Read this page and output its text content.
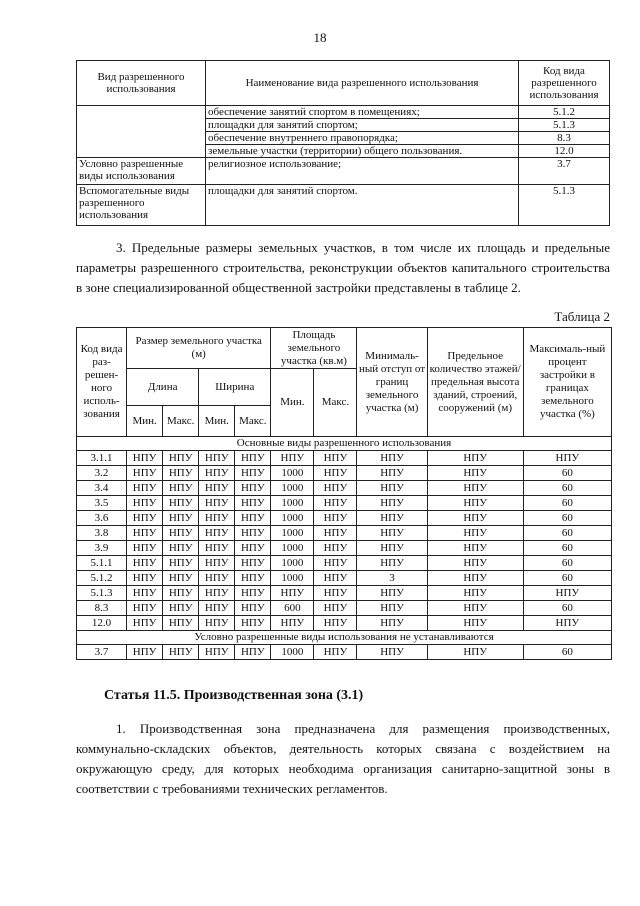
18
Вид разрешенного использования	Наименование вида разрешенного использования	Код вида разрешенного использования
	обеспечение занятий спортом в помещениях;	5.1.2
	площадки для занятий спортом;	5.1.3
	обеспечение внутреннего правопорядка;	8.3
	земельные участки (территории) общего пользования.	12.0
Условно разрешенные виды использования	религиозное использование;	3.7
Вспомогательные виды разрешенного использования	площадки для занятий спортом.	5.1.3
3. Предельные размеры земельных участков, в том числе их площадь и предельные параметры разрешенного строительства, реконструкции объектов капитального строительства в зоне специализированной общественной застройки представлены в таблице 2.
Таблица 2
Код вида раз-решен-ного исполь-зования	Размер земельного участка (м)				Площадь земельного участка (кв.м)		Минималь-ный отступ от границ земельного участка (м)	Предельное количество этажей/ предельная высота зданий, строений, сооружений (м)	Максималь-ный процент застройки в границах земельного участка (%)
	Длина		Ширина		Мин.	Макс.			
	Мин.	Макс.	Мин.	Макс.					
Основные виды разрешенного использования									
3.1.1	НПУ	НПУ	НПУ	НПУ	НПУ	НПУ	НПУ	НПУ	НПУ
3.2	НПУ	НПУ	НПУ	НПУ	1000	НПУ	НПУ	НПУ	60
3.4	НПУ	НПУ	НПУ	НПУ	1000	НПУ	НПУ	НПУ	60
3.5	НПУ	НПУ	НПУ	НПУ	1000	НПУ	НПУ	НПУ	60
3.6	НПУ	НПУ	НПУ	НПУ	1000	НПУ	НПУ	НПУ	60
3.8	НПУ	НПУ	НПУ	НПУ	1000	НПУ	НПУ	НПУ	60
3.9	НПУ	НПУ	НПУ	НПУ	1000	НПУ	НПУ	НПУ	60
5.1.1	НПУ	НПУ	НПУ	НПУ	1000	НПУ	НПУ	НПУ	60
5.1.2	НПУ	НПУ	НПУ	НПУ	1000	НПУ	3	НПУ	60
5.1.3	НПУ	НПУ	НПУ	НПУ	НПУ	НПУ	НПУ	НПУ	НПУ
8.3	НПУ	НПУ	НПУ	НПУ	600	НПУ	НПУ	НПУ	60
12.0	НПУ	НПУ	НПУ	НПУ	НПУ	НПУ	НПУ	НПУ	НПУ
Условно разрешенные виды использования не устанавливаются									
3.7	НПУ	НПУ	НПУ	НПУ	1000	НПУ	НПУ	НПУ	60
Статья 11.5. Производственная зона (3.1)
1. Производственная зона предназначена для размещения производственных, коммунально-складских объектов, деятельность которых связана с воздействием на окружающую среду, для которых необходима организация санитарно-защитной зоны в соответствии с требованиями технических регламентов.
